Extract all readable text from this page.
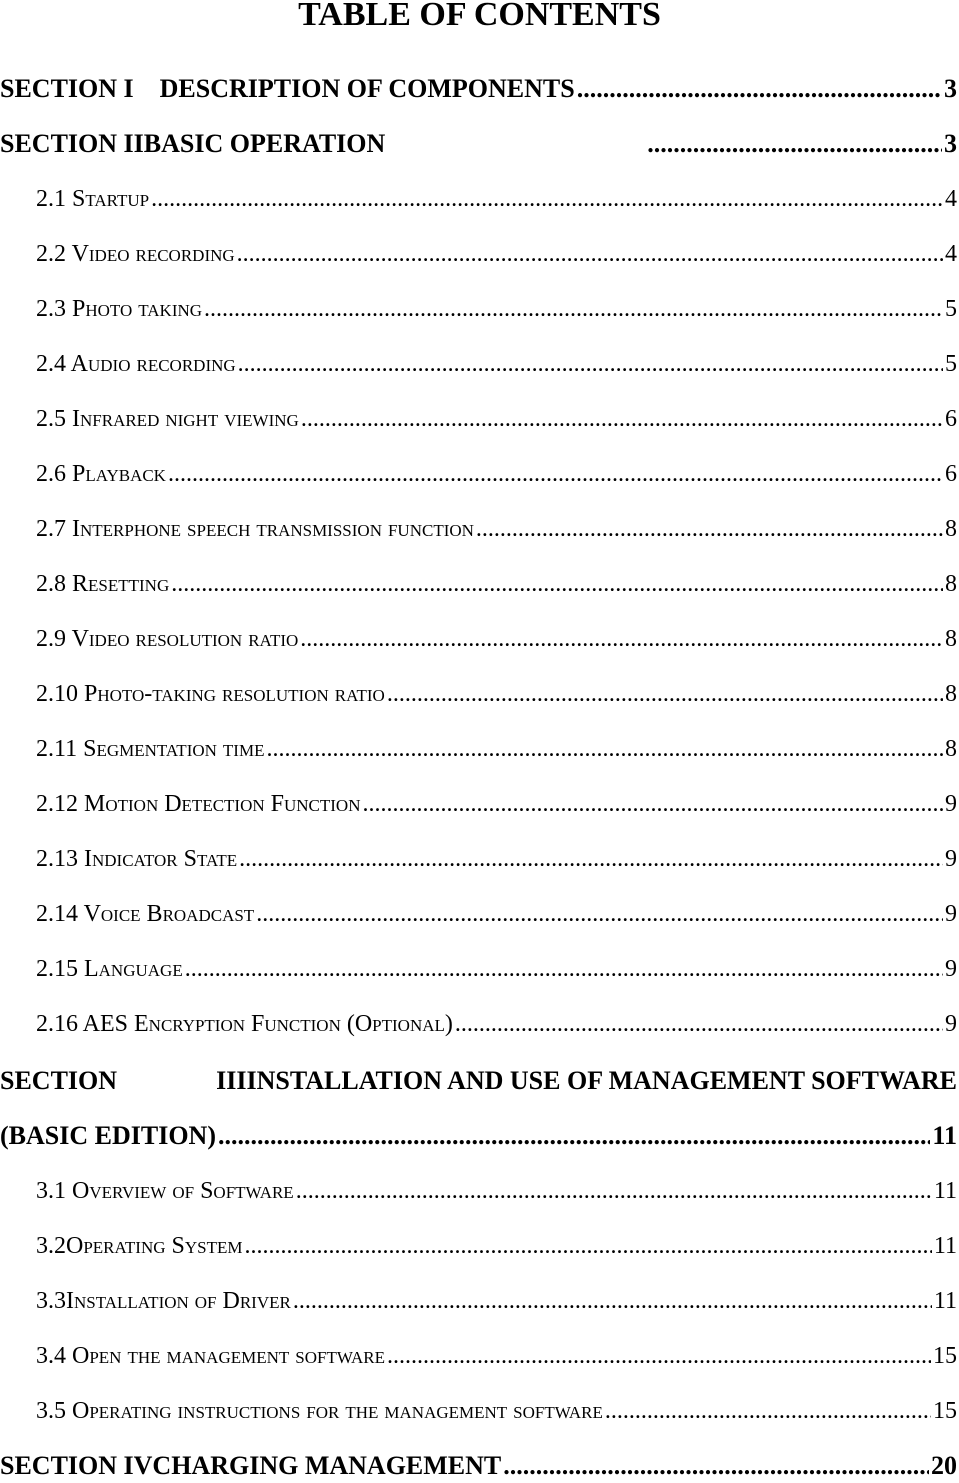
TABLE OF CONTENTS
SECTION I DESCRIPTION OF COMPONENTS .....	3
SECTION IIBASIC OPERATION .....	3
2.1 Startup .....	4
2.2 Video recording .....	4
2.3 Photo taking .....	5
2.4 Audio recording .....	5
2.5 Infrared night viewing .....	6
2.6 Playback .....	6
2.7 Interphone speech transmission function .....	8
2.8 Resetting .....	8
2.9 Video resolution ratio .....	8
2.10 Photo-taking resolution ratio .....	8
2.11 Segmentation time .....	8
2.12 Motion Detection Function .....	9
2.13 Indicator State .....	9
2.14 Voice Broadcast .....	9
2.15 Language .....	9
2.16 AES Encryption Function (Optional) .....	9
SECTION	IIIINSTALLATION AND USE OF MANAGEMENT SOFTWARE
(BASIC EDITION) .....	11
3.1 Overview of Software .....	11
3.2Operating System .....	11
3.3Installation of Driver .....	11
3.4 Open the management software .....	15
3.5 Operating instructions for the management software .....	15
SECTION IVCHARGING MANAGEMENT .....	20
